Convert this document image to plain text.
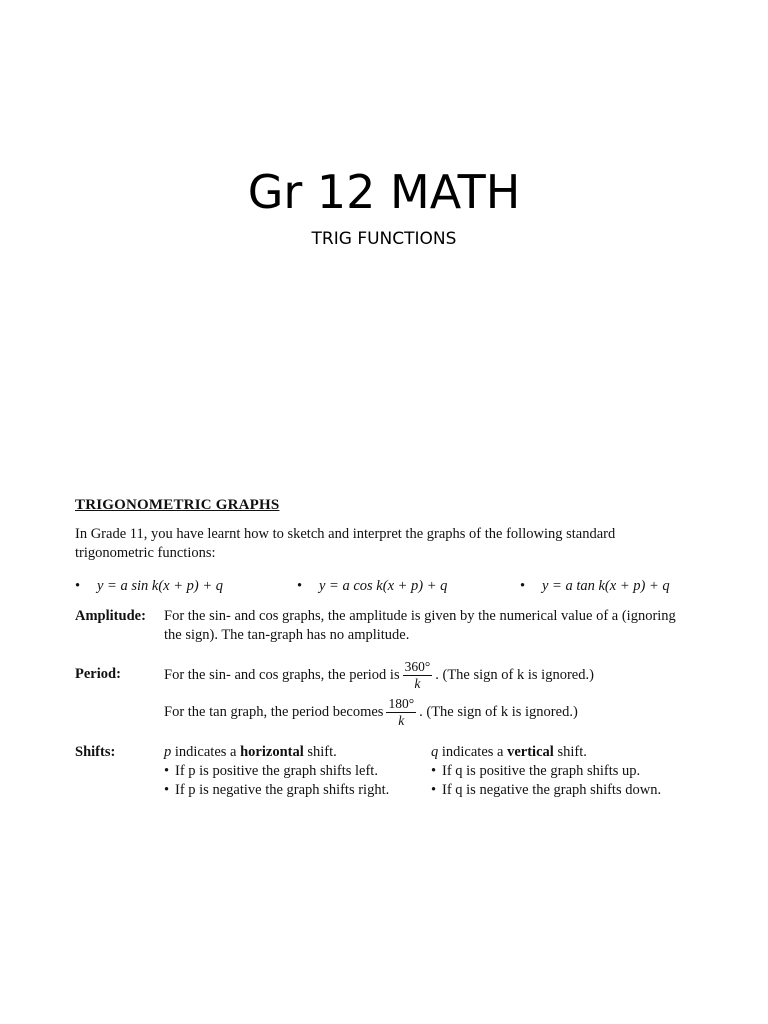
Gr 12 MATH
TRIG FUNCTIONS
TRIGONOMETRIC GRAPHS
In Grade 11, you have learnt how to sketch and interpret the graphs of the following standard trigonometric functions:
• y = a sin k(x + p) + q	• y = a cos k(x + p) + q	• y = a tan k(x + p) + q
Amplitude: For the sin- and cos graphs, the amplitude is given by the numerical value of a (ignoring the sign). The tan-graph has no amplitude.
Period:	For the sin- and cos graphs, the period is $\frac{360^\circ}{k}$ . (The sign of k is ignored.)
For the tan graph, the period becomes $\frac{180^\circ}{k}$ . (The sign of k is ignored.)
Shifts:	p indicates a horizontal shift.
• If p is positive the graph shifts left.
• If p is negative the graph shifts right.
q indicates a vertical shift.
• If q is positive the graph shifts up.
• If q is negative the graph shifts down.
